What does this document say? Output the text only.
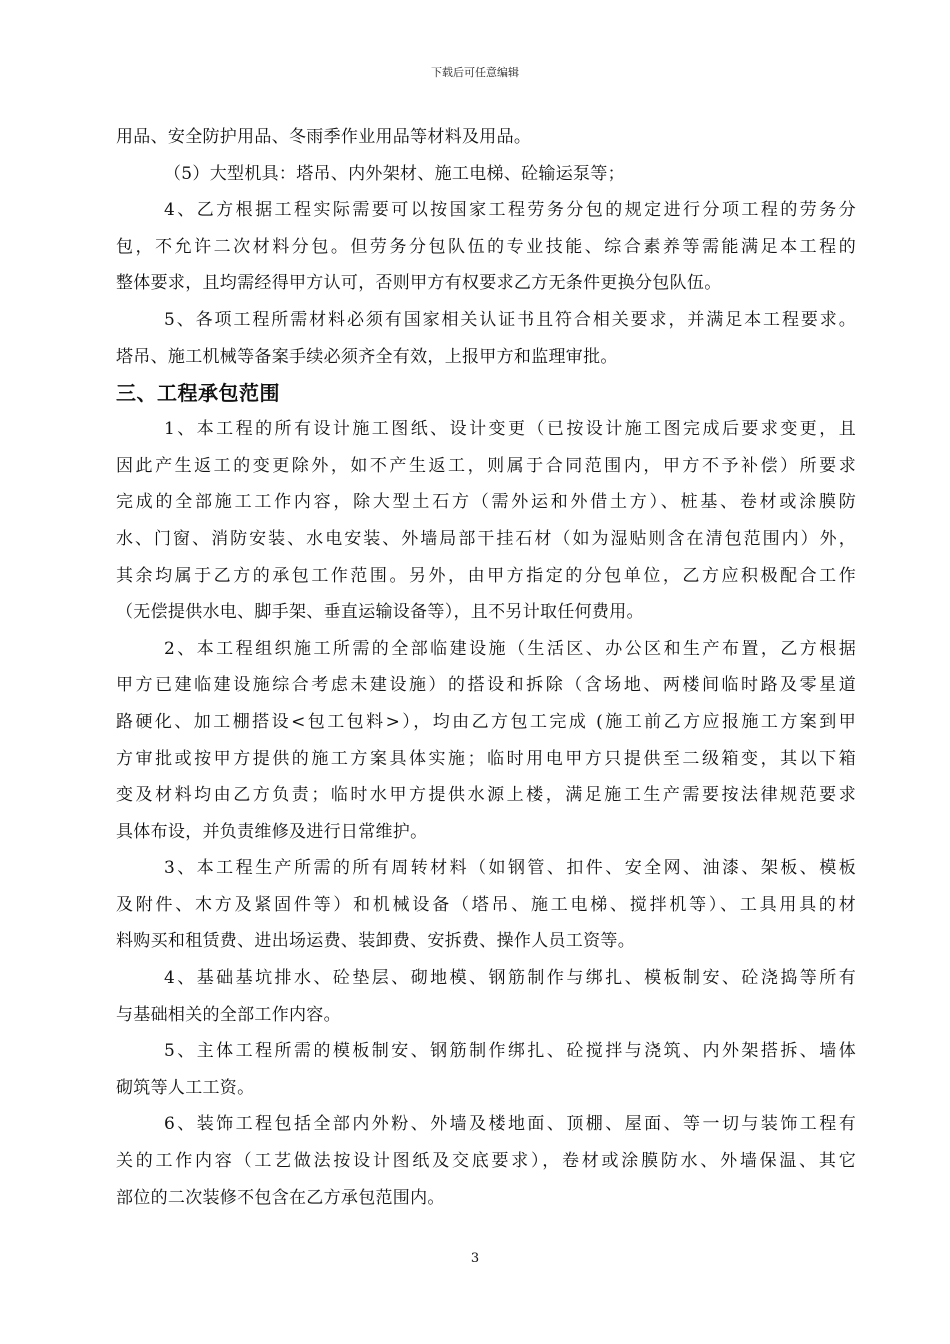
下载后可任意编辑
用品、安全防护用品、冬雨季作业用品等材料及用品。
（5）大型机具：塔吊、内外架材、施工电梯、砼输运泵等；
4、乙方根据工程实际需要可以按国家工程劳务分包的规定进行分项工程的劳务分
包，不允许二次材料分包。但劳务分包队伍的专业技能、综合素养等需能满足本工程的
整体要求，且均需经得甲方认可，否则甲方有权要求乙方无条件更换分包队伍。
5、各项工程所需材料必须有国家相关认证书且符合相关要求，并满足本工程要求。
塔吊、施工机械等备案手续必须齐全有效，上报甲方和监理审批。
三、工程承包范围
1、本工程的所有设计施工图纸、设计变更（已按设计施工图完成后要求变更，且
因此产生返工的变更除外，如不产生返工，则属于合同范围内，甲方不予补偿）所要求
完成的全部施工工作内容，除大型土石方（需外运和外借土方）、桩基、卷材或涂膜防
水、门窗、消防安装、水电安装、外墙局部干挂石材（如为湿贴则含在清包范围内）外，
其余均属于乙方的承包工作范围。另外，由甲方指定的分包单位，乙方应积极配合工作
（无偿提供水电、脚手架、垂直运输设备等），且不另计取任何费用。
2、本工程组织施工所需的全部临建设施（生活区、办公区和生产布置，乙方根据
甲方已建临建设施综合考虑未建设施）的搭设和拆除（含场地、两楼间临时路及零星道
路硬化、加工棚搭设<包工包料>），均由乙方包工完成 (施工前乙方应报施工方案到甲
方审批或按甲方提供的施工方案具体实施；临时用电甲方只提供至二级箱变，其以下箱
变及材料均由乙方负责；临时水甲方提供水源上楼，满足施工生产需要按法律规范要求
具体布设，并负责维修及进行日常维护。
3、本工程生产所需的所有周转材料（如钢管、扣件、安全网、油漆、架板、模板
及附件、木方及紧固件等）和机械设备（塔吊、施工电梯、搅拌机等）、工具用具的材
料购买和租赁费、进出场运费、装卸费、安拆费、操作人员工资等。
4、基础基坑排水、砼垫层、砌地模、钢筋制作与绑扎、模板制安、砼浇捣等所有
与基础相关的全部工作内容。
5、主体工程所需的模板制安、钢筋制作绑扎、砼搅拌与浇筑、内外架搭拆、墙体
砌筑等人工工资。
6、装饰工程包括全部内外粉、外墙及楼地面、顶棚、屋面、等一切与装饰工程有
关的工作内容（工艺做法按设计图纸及交底要求），卷材或涂膜防水、外墙保温、其它
部位的二次装修不包含在乙方承包范围内。
3
